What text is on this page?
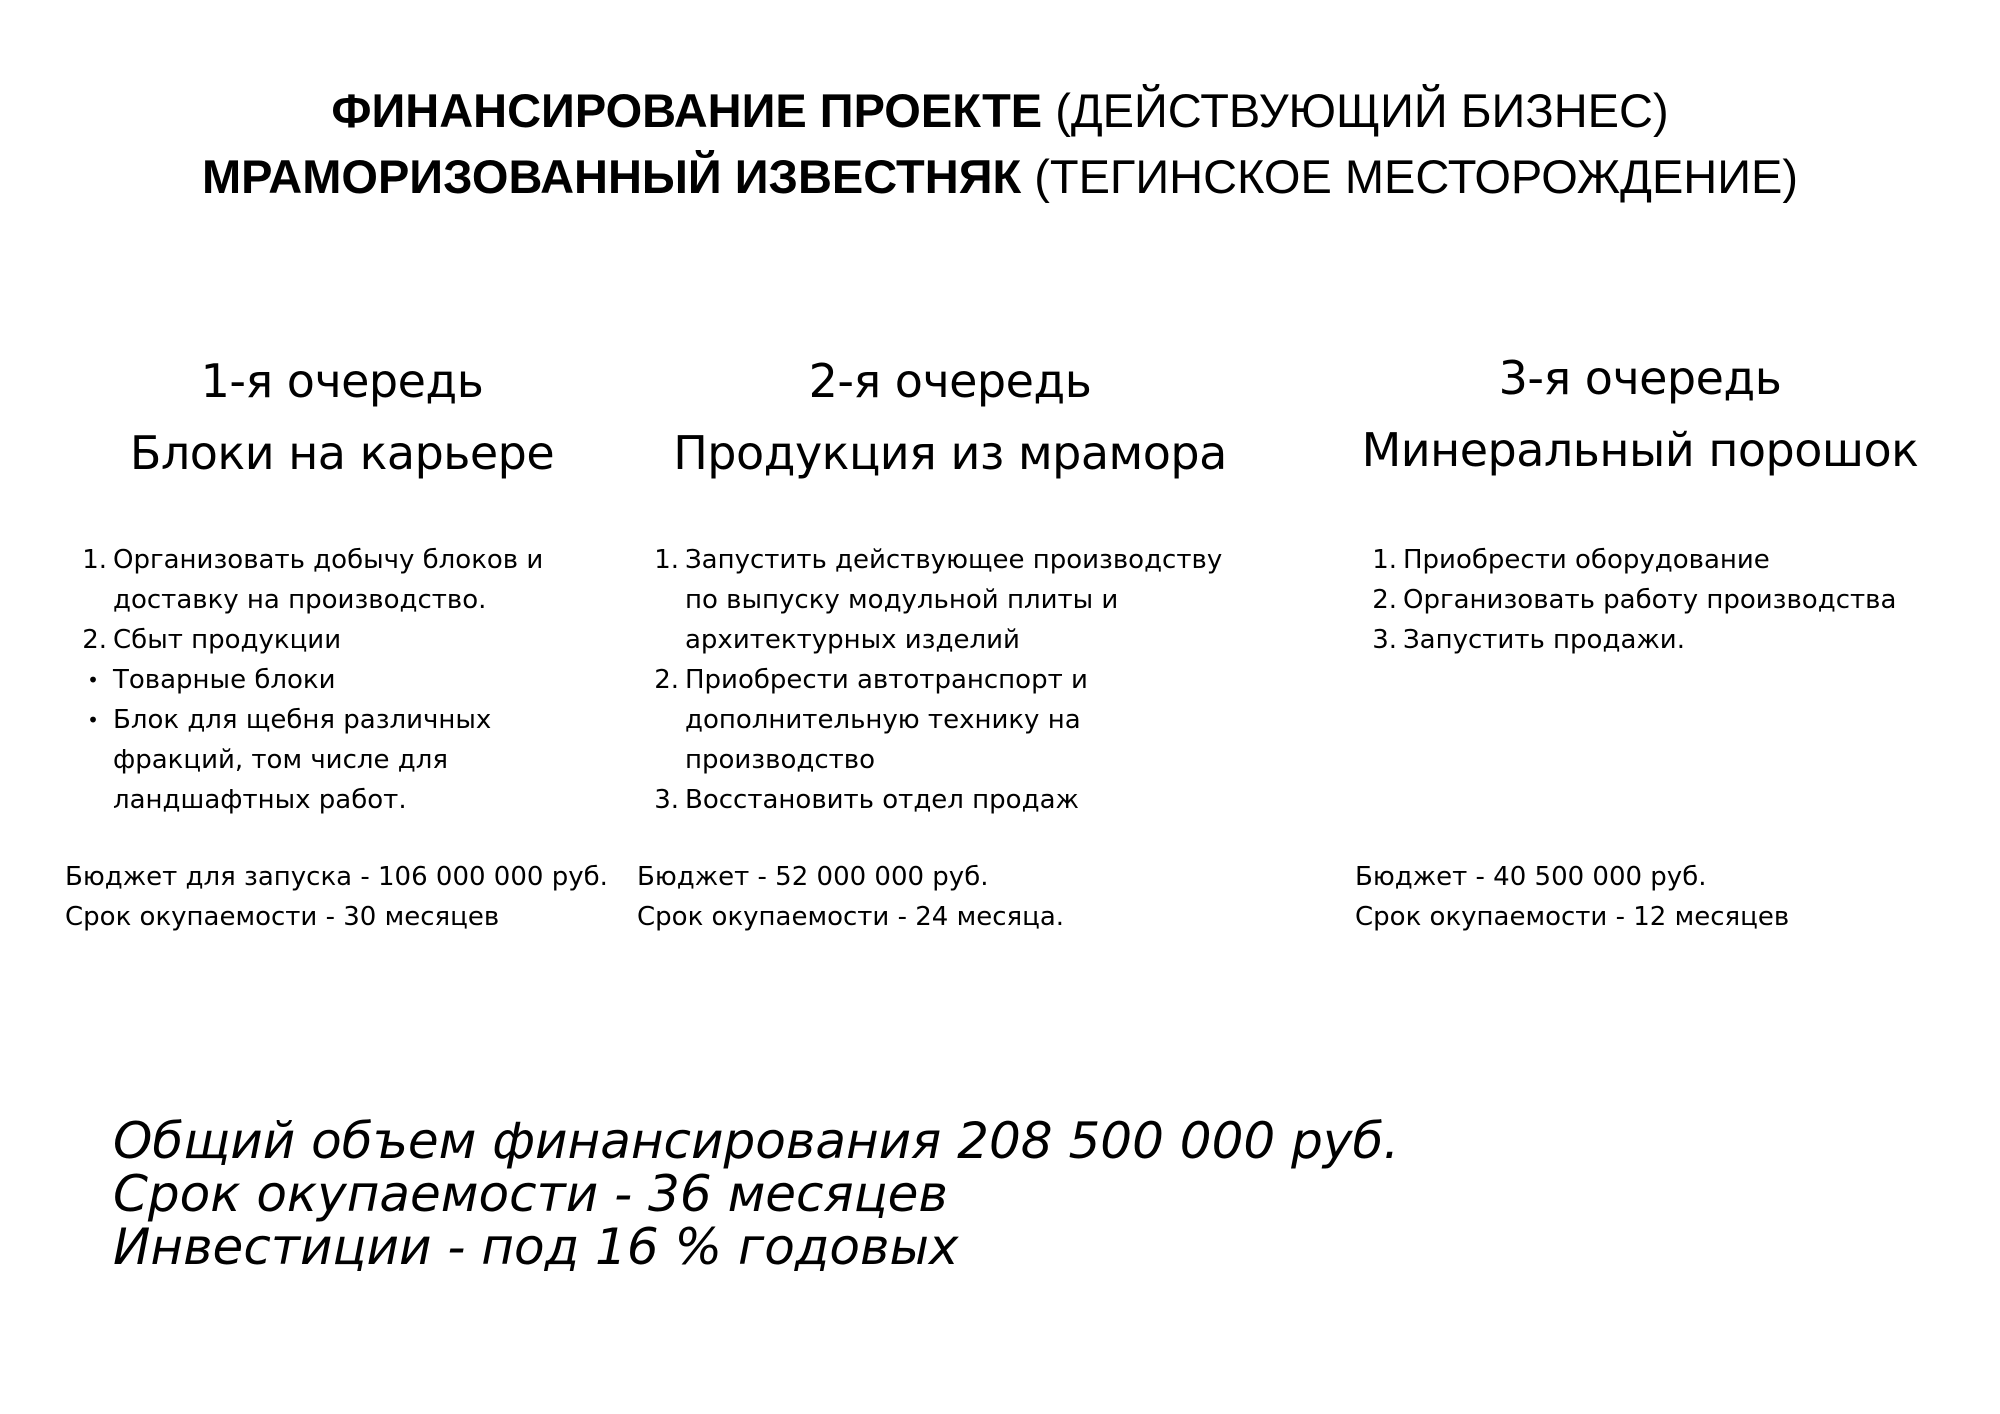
ФИНАНСИРОВАНИЕ ПРОЕКТЕ (ДЕЙСТВУЮЩИЙ БИЗНЕС)
МРАМОРИЗОВАННЫЙ ИЗВЕСТНЯК (ТЕГИНСКОЕ МЕСТОРОЖДЕНИЕ)
1-я очередь
Блоки на карьере
1. Организовать добычу блоков и
доставку на производство.
2. Сбыт продукции
• Товарные блоки
• Блок для щебня различных
фракций, том числе для
ландшафтных работ.
Бюджет для запуска - 106 000 000 руб.
Срок окупаемости - 30 месяцев
2-я очередь
Продукция из мрамора
1. Запустить действующее производству
по выпуску модульной плиты и
архитектурных изделий
2. Приобрести автотранспорт и
дополнительную технику на
производство
3. Восстановить отдел продаж
Бюджет - 52 000 000 руб.
Срок окупаемости - 24 месяца.
3-я очередь
Минеральный порошок
1. Приобрести оборудование
2. Организовать работу производства
3. Запустить продажи.
Бюджет - 40 500 000 руб.
Срок окупаемости - 12 месяцев
Общий объем финансирования 208 500 000 руб.
Срок окупаемости - 36 месяцев
Инвестиции - под 16 % годовых
